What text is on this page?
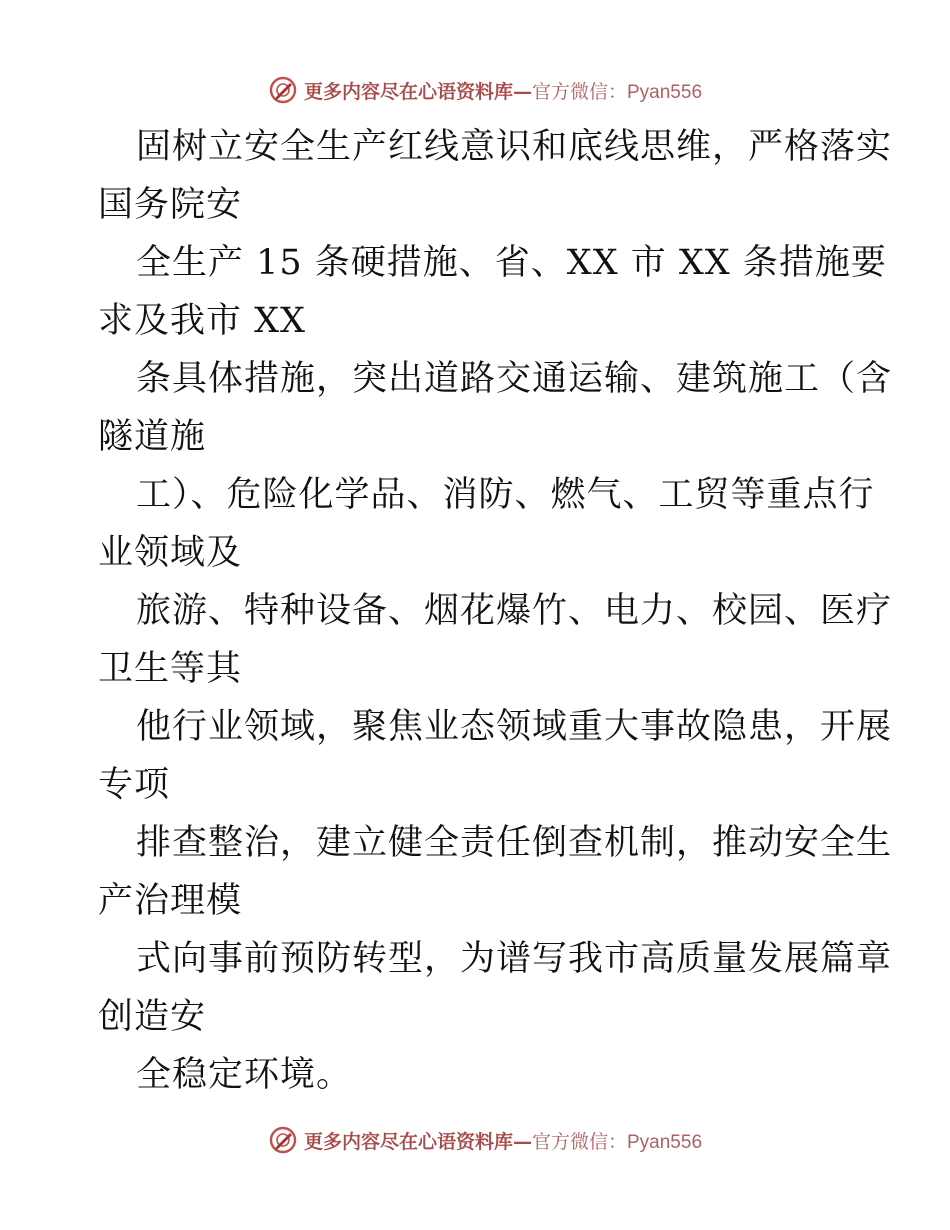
更多内容尽在心语资料库—官方微信：Pyan556
固树立安全生产红线意识和底线思维，严格落实
国务院安
全生产 15 条硬措施、省、XX 市 XX 条措施要
求及我市 XX
条具体措施，突出道路交通运输、建筑施工（含
隧道施
工）、危险化学品、消防、燃气、工贸等重点行
业领域及
旅游、特种设备、烟花爆竹、电力、校园、医疗
卫生等其
他行业领域，聚焦业态领域重大事故隐患，开展
专项
排查整治，建立健全责任倒查机制，推动安全生
产治理模
式向事前预防转型，为谱写我市高质量发展篇章
创造安
全稳定环境。
更多内容尽在心语资料库—官方微信：Pyan556
